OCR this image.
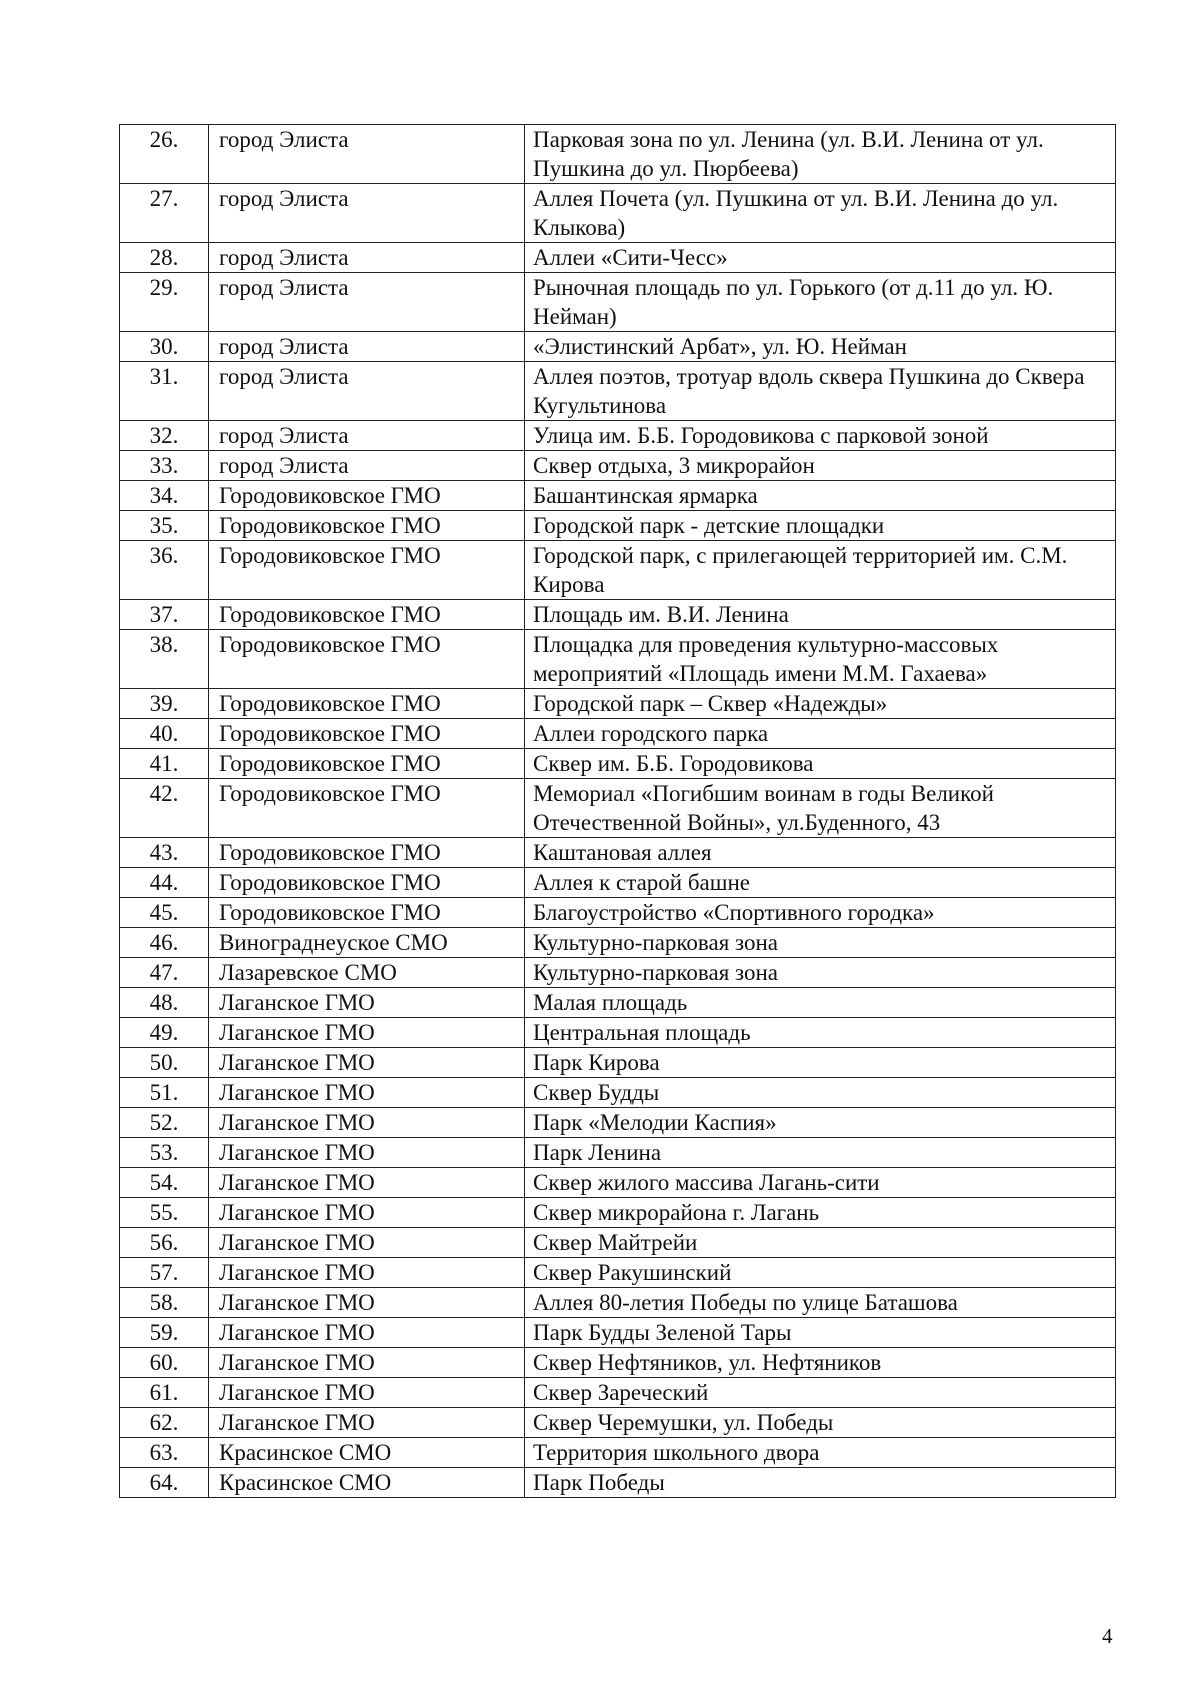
26.	город Элиста	Парковая зона по ул. Ленина (ул. В.И. Ленина от ул. Пушкина до ул. Пюрбеева)
27.	город Элиста	Аллея Почета (ул. Пушкина от ул. В.И. Ленина до ул. Клыкова)
28.	город Элиста	Аллеи «Сити-Чесс»
29.	город Элиста	Рыночная площадь по ул. Горького (от д.11 до ул. Ю. Нейман)
30.	город Элиста	«Элистинский Арбат», ул. Ю. Нейман
31.	город Элиста	Аллея поэтов, тротуар вдоль сквера Пушкина до Сквера Кугультинова
32.	город Элиста	Улица им. Б.Б. Городовикова с парковой зоной
33.	город Элиста	Сквер отдыха, 3 микрорайон
34.	Городовиковское ГМО	Башантинская ярмарка
35.	Городовиковское ГМО	Городской парк - детские площадки
36.	Городовиковское ГМО	Городской парк, с прилегающей территорией им. С.М. Кирова
37.	Городовиковское ГМО	Площадь им. В.И. Ленина
38.	Городовиковское ГМО	Площадка для проведения культурно-массовых мероприятий «Площадь имени М.М. Гахаева»
39.	Городовиковское ГМО	Городской парк – Сквер «Надежды»
40.	Городовиковское ГМО	Аллеи городского парка
41.	Городовиковское ГМО	Сквер им. Б.Б. Городовикова
42.	Городовиковское ГМО	Мемориал «Погибшим воинам в годы Великой Отечественной Войны», ул.Буденного, 43
43.	Городовиковское ГМО	Каштановая аллея
44.	Городовиковское ГМО	Аллея к старой башне
45.	Городовиковское ГМО	Благоустройство «Спортивного городка»
46.	Винограднеyское СМО	Культурно-парковая зона
47.	Лазаревское СМО	Культурно-парковая зона
48.	Лаганское ГМО	Малая площадь
49.	Лаганское ГМО	Центральная площадь
50.	Лаганское ГМО	Парк Кирова
51.	Лаганское ГМО	Сквер Будды
52.	Лаганское ГМО	Парк «Мелодии Каспия»
53.	Лаганское ГМО	Парк Ленина
54.	Лаганское ГМО	Сквер жилого массива Лагань-сити
55.	Лаганское ГМО	Сквер микрорайона г. Лагань
56.	Лаганское ГМО	Сквер Майтрейи
57.	Лаганское ГМО	Сквер Ракушинский
58.	Лаганское ГМО	Аллея 80-летия Победы по улице Баташова
59.	Лаганское ГМО	Парк Будды Зеленой Тары
60.	Лаганское ГМО	Сквер Нефтяников, ул. Нефтяников
61.	Лаганское ГМО	Сквер Заречеcкий
62.	Лаганское ГМО	Сквер Черемушки, ул. Победы
63.	Красинское СМО	Территория школьного двора
64.	Красинское СМО	Парк Победы
4
